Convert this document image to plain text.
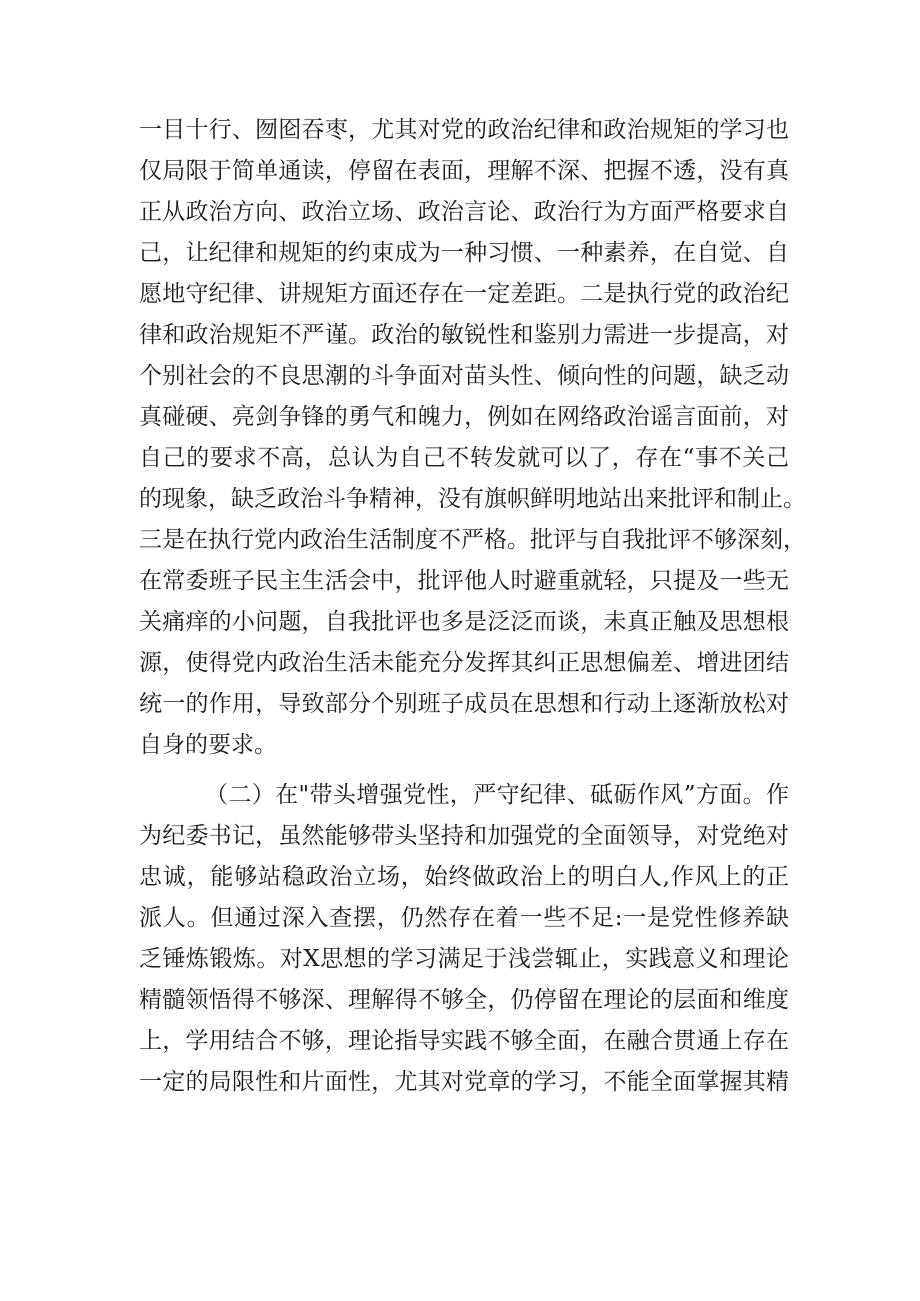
一目十行、囫囵吞枣，尤其对党的政治纪律和政治规矩的学习也
仅局限于简单通读，停留在表面，理解不深、把握不透，没有真
正从政治方向、政治立场、政治言论、政治行为方面严格要求自
己，让纪律和规矩的约束成为一种习惯、一种素养，在自觉、自
愿地守纪律、讲规矩方面还存在一定差距。二是执行党的政治纪
律和政治规矩不严谨。政治的敏锐性和鉴别力需进一步提高，对
个别社会的不良思潮的斗争面对苗头性、倾向性的问题，缺乏动
真碰硬、亮剑争锋的勇气和魄力，例如在网络政治谣言面前，对
自己的要求不高，总认为自己不转发就可以了，存在“事不关己
的现象，缺乏政治斗争精神，没有旗帜鲜明地站出来批评和制止。
三是在执行党内政治生活制度不严格。批评与自我批评不够深刻，
在常委班子民主生活会中，批评他人时避重就轻，只提及一些无
关痛痒的小问题，自我批评也多是泛泛而谈，未真正触及思想根
源，使得党内政治生活未能充分发挥其纠正思想偏差、增进团结
统一的作用，导致部分个别班子成员在思想和行动上逐渐放松对
自身的要求。
（二）在"带头增强党性，严守纪律、砥砺作风”方面。作
为纪委书记，虽然能够带头坚持和加强党的全面领导，对党绝对
忠诚，能够站稳政治立场，始终做政治上的明白人,作风上的正
派人。但通过深入查摆，仍然存在着一些不足:一是党性修养缺
乏锤炼锻炼。对X思想的学习满足于浅尝辄止，实践意义和理论
精髓领悟得不够深、理解得不够全，仍停留在理论的层面和维度
上，学用结合不够，理论指导实践不够全面，在融合贯通上存在
一定的局限性和片面性，尤其对党章的学习，不能全面掌握其精
